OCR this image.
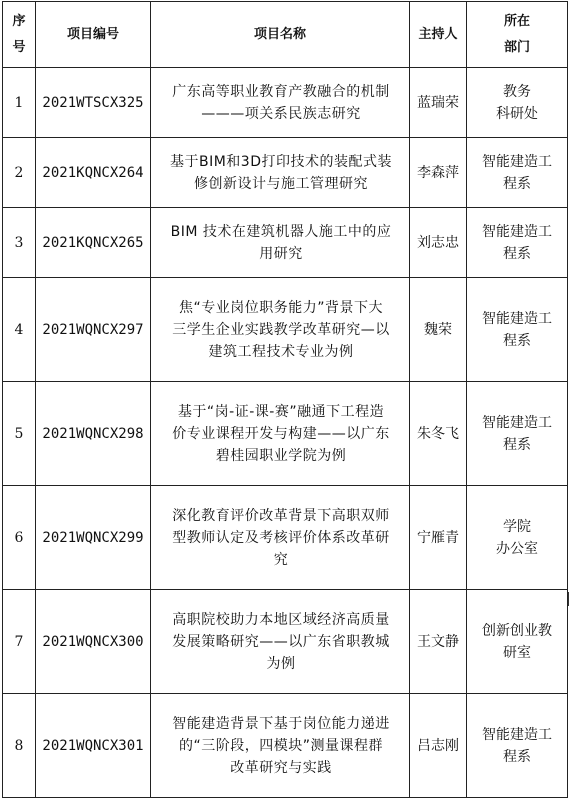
序
号	项目编号	项目名称	主持人	所在
部门

1	2021WTSCX325	广东高等职业教育产教融合的机制
———项关系民族志研究	蓝瑞荣	教务
科研处

2	2021KQNCX264	基于BIM和3D打印技术的装配式装
修创新设计与施工管理研究	李森萍	智能建造工
程系

3	2021KQNCX265	BIM 技术在建筑机器人施工中的应
用研究	刘志忠	智能建造工
程系

4	2021WQNCX297	焦“专业岗位职务能力”背景下大
三学生企业实践教学改革研究—以
建筑工程技术专业为例	魏荣	智能建造工
程系

5	2021WQNCX298	基于“岗-证-课-赛”融通下工程造
价专业课程开发与构建——以广东
碧桂园职业学院为例	朱冬飞	智能建造工
程系

6	2021WQNCX299	深化教育评价改革背景下高职双师
型教师认定及考核评价体系改革研
究	宁雁青	学院
办公室

7	2021WQNCX300	高职院校助力本地区域经济高质量
发展策略研究——以广东省职教城
为例	王文静	创新创业教
研室

8	2021WQNCX301	智能建造背景下基于岗位能力递进
的“三阶段，四模块”测量课程群
改革研究与实践	吕志刚	智能建造工
程系
